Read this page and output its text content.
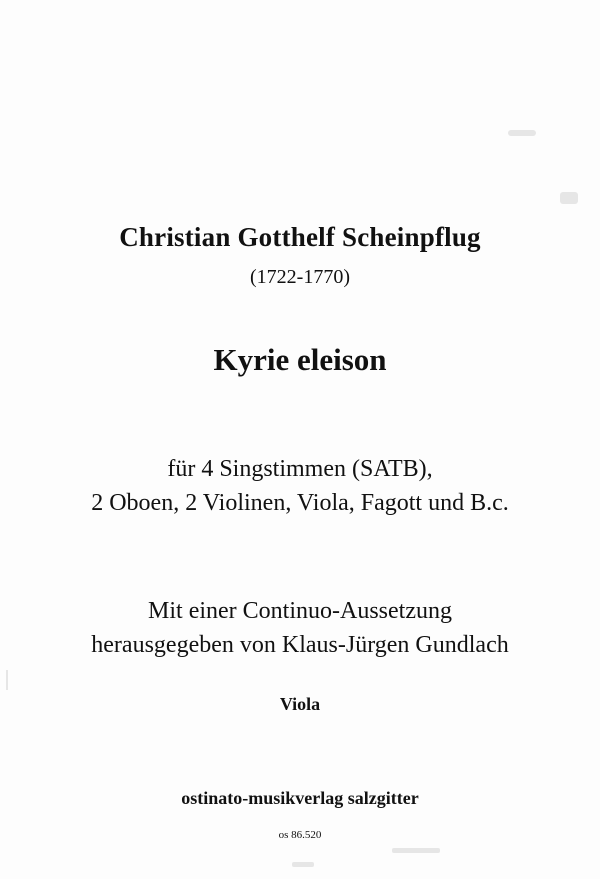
Christian Gotthelf Scheinpflug
(1722-1770)
Kyrie eleison
für 4 Singstimmen (SATB),
2 Oboen, 2 Violinen, Viola, Fagott und B.c.
Mit einer Continuo-Aussetzung
herausgegeben von Klaus-Jürgen Gundlach
Viola
ostinato-musikverlag salzgitter
os 86.520
